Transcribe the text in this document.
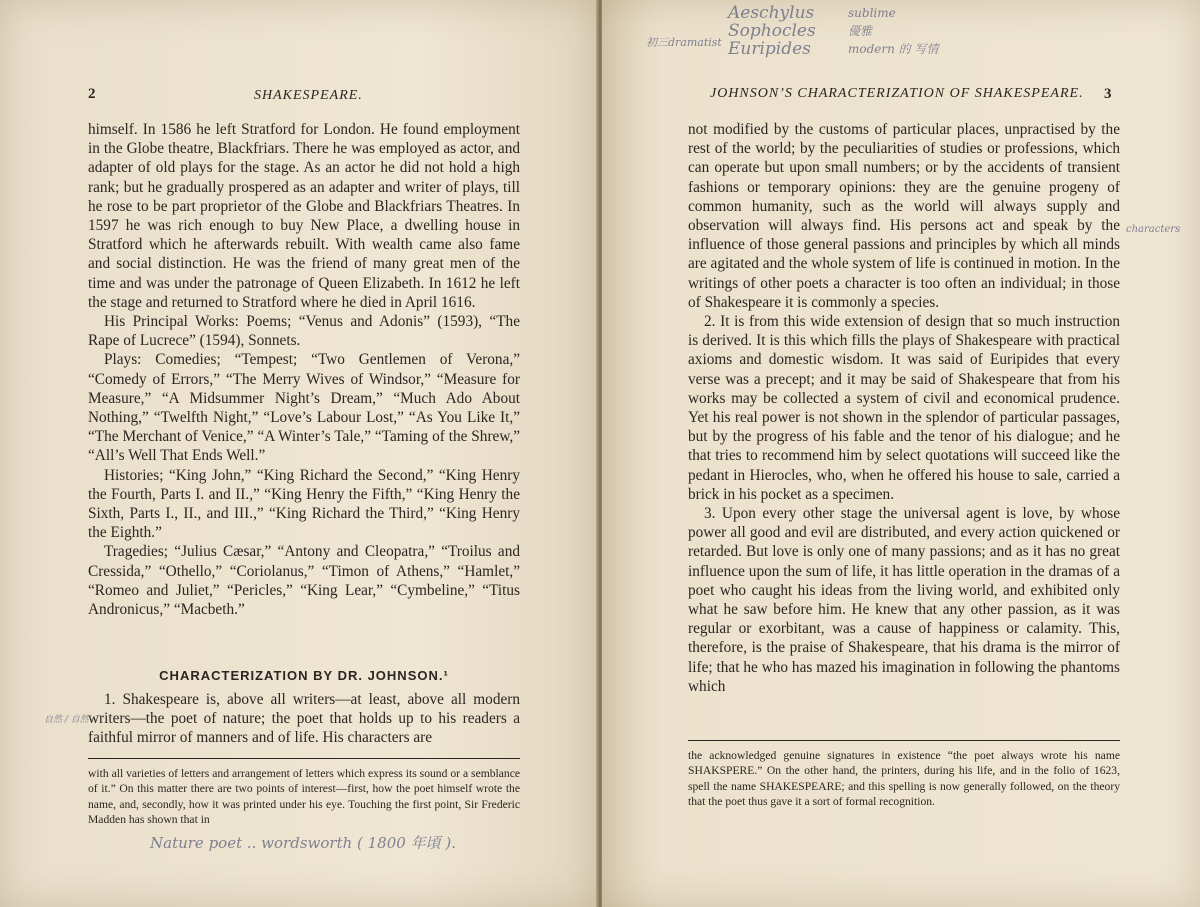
2	SHAKESPEARE.

himself. In 1586 he left Stratford for London. He found employment in the Globe theatre, Blackfriars. There he was employed as actor, and adapter of old plays for the stage. As an actor he did not hold a high rank; but he gradually prospered as an adapter and writer of plays, till he rose to be part proprietor of the Globe and Blackfriars Theatres. In 1597 he was rich enough to buy New Place, a dwelling house in Stratford which he afterwards rebuilt. With wealth came also fame and social distinction. He was the friend of many great men of the time and was under the patronage of Queen Elizabeth. In 1612 he left the stage and returned to Stratford where he died in April 1616.

His Principal Works: Poems; “Venus and Adonis” (1593), “The Rape of Lucrece” (1594), Sonnets.

Plays: Comedies; “Tempest; “Two Gentlemen of Verona,” “Comedy of Errors,” “The Merry Wives of Windsor,” “Measure for Measure,” “A Midsummer Night’s Dream,” “Much Ado About Nothing,” “Twelfth Night,” “Love’s Labour Lost,” “As You Like It,” “The Merchant of Venice,” “A Winter’s Tale,” “Taming of the Shrew,” “All’s Well That Ends Well.”

Histories; “King John,” “King Richard the Second,” “King Henry the Fourth, Parts I. and II.,” “King Henry the Fifth,” “King Henry the Sixth, Parts I., II., and III.,” “King Richard the Third,” “King Henry the Eighth.”

Tragedies; “Julius Cæsar,” “Antony and Cleopatra,” “Troilus and Cressida,” “Othello,” “Coriolanus,” “Timon of Athens,” “Hamlet,” “Romeo and Juliet,” “Pericles,” “King Lear,” “Cymbeline,” “Titus Andronicus,” “Macbeth.”

CHARACTERIZATION BY DR. JOHNSON.¹

1. Shakespeare is, above all writers—at least, above all modern writers—the poet of nature; the poet that holds up to his readers a faithful mirror of manners and of life. His characters are

with all varieties of letters and arrangement of letters which express its sound or a semblance of it.” On this matter there are two points of interest—first, how the poet himself wrote the name, and, secondly, how it was printed under his eye. Touching the first point, Sir Frederic Madden has shown that in
Nature poet .. wordsworth ( 1800 年頃 ).
自然 / 自然
JOHNSON’S CHARACTERIZATION OF SHAKESPEARE. 3

not modified by the customs of particular places, unpractised by the rest of the world; by the peculiarities of studies or professions, which can operate but upon small numbers; or by the accidents of transient fashions or temporary opinions: they are the genuine progeny of common humanity, such as the world will always supply and observation will always find. His persons act and speak by the influence of those general passions and principles by which all minds are agitated and the whole system of life is continued in motion. In the writings of other poets a character is too often an individual; in those of Shakespeare it is commonly a species.

2. It is from this wide extension of design that so much instruction is derived. It is this which fills the plays of Shakespeare with practical axioms and domestic wisdom. It was said of Euripides that every verse was a precept; and it may be said of Shakespeare that from his works may be collected a system of civil and economical prudence. Yet his real power is not shown in the splendor of particular passages, but by the progress of his fable and the tenor of his dialogue; and he that tries to recommend him by select quotations will succeed like the pedant in Hierocles, who, when he offered his house to sale, carried a brick in his pocket as a specimen.

3. Upon every other stage the universal agent is love, by whose power all good and evil are distributed, and every action quickened or retarded. But love is only one of many passions; and as it has no great influence upon the sum of life, it has little operation in the dramas of a poet who caught his ideas from the living world, and exhibited only what he saw before him. He knew that any other passion, as it was regular or exorbitant, was a cause of happiness or calamity. This, therefore, is the praise of Shakespeare, that his drama is the mirror of life; that he who has mazed his imagination in following the phantoms which

the acknowledged genuine signatures in existence “the poet always wrote his name SHAKSPERE.” On the other hand, the printers, during his life, and in the folio of 1623, spell the name SHAKESPEARE; and this spelling is now generally followed, on the theory that the poet thus gave it a sort of formal recognition.
Aeschylus
Sophocles
Euripides
初三dramatist
sublime
優雅
modern 的 写情
characters
